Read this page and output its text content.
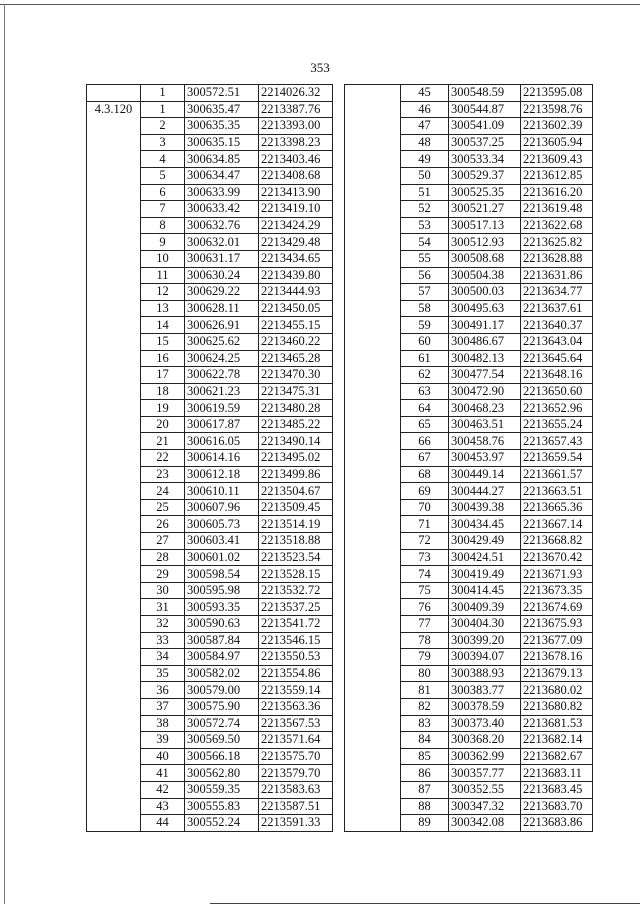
353
	1	300572.51	2214026.32
4.3.120	1	300635.47	2213387.76
	2	300635.35	2213393.00
	3	300635.15	2213398.23
	4	300634.85	2213403.46
	5	300634.47	2213408.68
	6	300633.99	2213413.90
	7	300633.42	2213419.10
	8	300632.76	2213424.29
	9	300632.01	2213429.48
	10	300631.17	2213434.65
	11	300630.24	2213439.80
	12	300629.22	2213444.93
	13	300628.11	2213450.05
	14	300626.91	2213455.15
	15	300625.62	2213460.22
	16	300624.25	2213465.28
	17	300622.78	2213470.30
	18	300621.23	2213475.31
	19	300619.59	2213480.28
	20	300617.87	2213485.22
	21	300616.05	2213490.14
	22	300614.16	2213495.02
	23	300612.18	2213499.86
	24	300610.11	2213504.67
	25	300607.96	2213509.45
	26	300605.73	2213514.19
	27	300603.41	2213518.88
	28	300601.02	2213523.54
	29	300598.54	2213528.15
	30	300595.98	2213532.72
	31	300593.35	2213537.25
	32	300590.63	2213541.72
	33	300587.84	2213546.15
	34	300584.97	2213550.53
	35	300582.02	2213554.86
	36	300579.00	2213559.14
	37	300575.90	2213563.36
	38	300572.74	2213567.53
	39	300569.50	2213571.64
	40	300566.18	2213575.70
	41	300562.80	2213579.70
	42	300559.35	2213583.63
	43	300555.83	2213587.51
	44	300552.24	2213591.33
	45	300548.59	2213595.08
	46	300544.87	2213598.76
	47	300541.09	2213602.39
	48	300537.25	2213605.94
	49	300533.34	2213609.43
	50	300529.37	2213612.85
	51	300525.35	2213616.20
	52	300521.27	2213619.48
	53	300517.13	2213622.68
	54	300512.93	2213625.82
	55	300508.68	2213628.88
	56	300504.38	2213631.86
	57	300500.03	2213634.77
	58	300495.63	2213637.61
	59	300491.17	2213640.37
	60	300486.67	2213643.04
	61	300482.13	2213645.64
	62	300477.54	2213648.16
	63	300472.90	2213650.60
	64	300468.23	2213652.96
	65	300463.51	2213655.24
	66	300458.76	2213657.43
	67	300453.97	2213659.54
	68	300449.14	2213661.57
	69	300444.27	2213663.51
	70	300439.38	2213665.36
	71	300434.45	2213667.14
	72	300429.49	2213668.82
	73	300424.51	2213670.42
	74	300419.49	2213671.93
	75	300414.45	2213673.35
	76	300409.39	2213674.69
	77	300404.30	2213675.93
	78	300399.20	2213677.09
	79	300394.07	2213678.16
	80	300388.93	2213679.13
	81	300383.77	2213680.02
	82	300378.59	2213680.82
	83	300373.40	2213681.53
	84	300368.20	2213682.14
	85	300362.99	2213682.67
	86	300357.77	2213683.11
	87	300352.55	2213683.45
	88	300347.32	2213683.70
	89	300342.08	2213683.86
